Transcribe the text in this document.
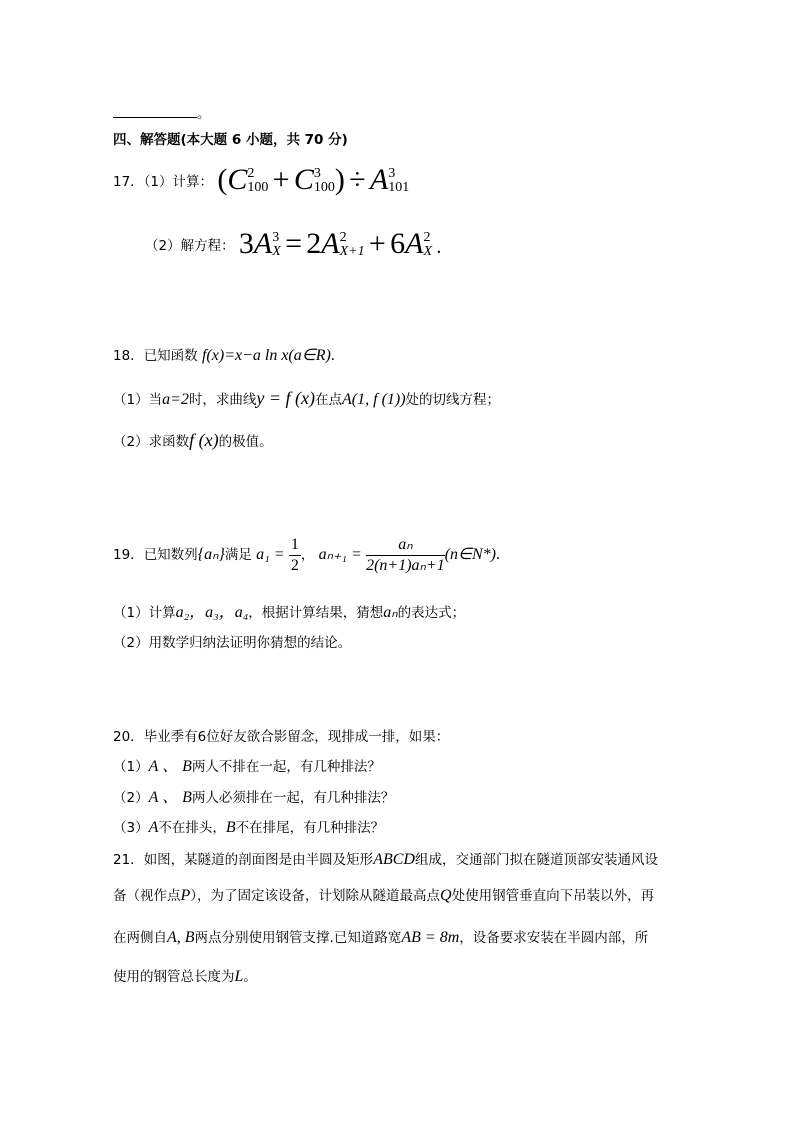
。
四、解答题(本大题 6 小题，共 70 分)
17．（1）计算： (C 2
100 + C 3
100 ) ÷ A 3
101
（2）解方程： 3A 3
X = 2A 2
X+1 + 6A 2
X .
18．已知函数 f(x)=x−a ln x(a∈R).
（1）当a=2时，求曲线y = f (x)在点A(1, f (1))处的切线方程；
（2）求函数f (x)的极值。
19．已知数列{aₙ}满足 $a_1 = \frac{1}{2}$ ， $a_{n+1} = \frac{\text{aₙ}}{\text{2(n+1)aₙ+1}}$ (n∈N*).
（1）计算a₂，a₃，a₄，根据计算结果，猜想aₙ的表达式；
（2）用数学归纳法证明你猜想的结论。
20．毕业季有6位好友欲合影留念，现排成一排，如果：
（1）A 、 B两人不排在一起，有几种排法？
（2）A 、 B两人必须排在一起，有几种排法？
（3）A不在排头，B不在排尾，有几种排法？
21．如图，某隧道的剖面图是由半圆及矩形ABCD组成，交通部门拟在隧道顶部安装通风设
备（视作点P），为了固定该设备，计划除从隧道最高点Q处使用钢管垂直向下吊装以外，再
在两侧自A, B两点分别使用钢管支撑.已知道路宽AB = 8m，设备要求安装在半圆内部，所
使用的钢管总长度为L。
